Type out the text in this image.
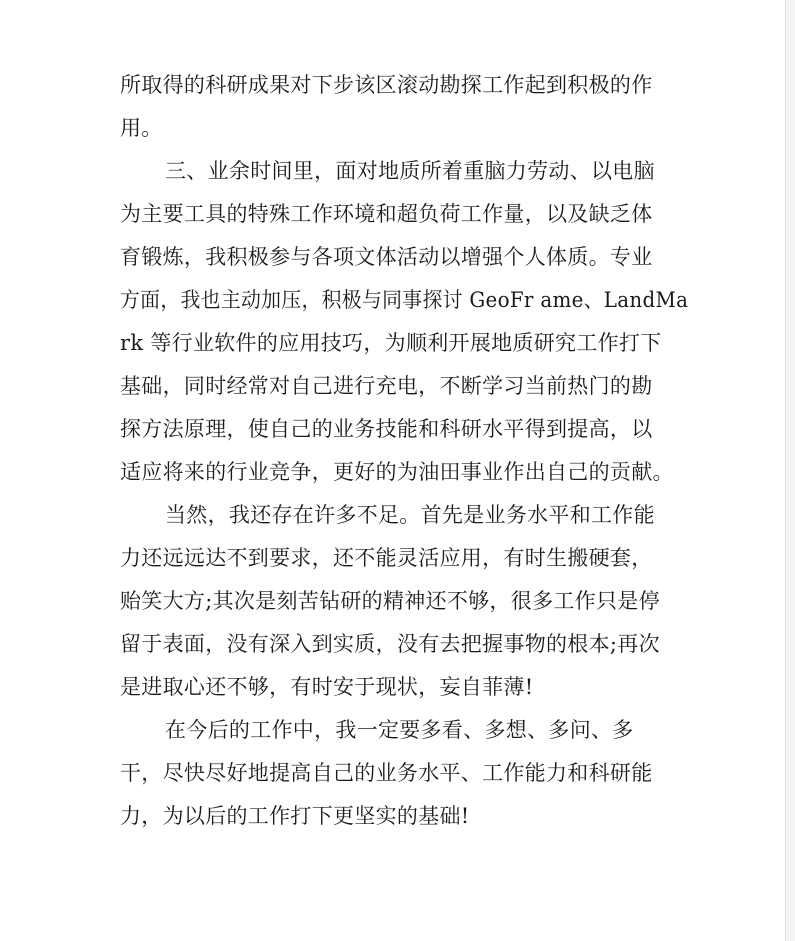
所取得的科研成果对下步该区滚动勘探工作起到积极的作
用。
三、业余时间里，面对地质所着重脑力劳动、以电脑
为主要工具的特殊工作环境和超负荷工作量，以及缺乏体
育锻炼，我积极参与各项文体活动以增强个人体质。专业
方面，我也主动加压，积极与同事探讨 GeoFr ame、LandMa
rk 等行业软件的应用技巧，为顺利开展地质研究工作打下
基础，同时经常对自己进行充电，不断学习当前热门的勘
探方法原理，使自己的业务技能和科研水平得到提高，以
适应将来的行业竞争，更好的为油田事业作出自己的贡献。
当然，我还存在许多不足。首先是业务水平和工作能
力还远远达不到要求，还不能灵活应用，有时生搬硬套，
贻笑大方;其次是刻苦钻研的精神还不够，很多工作只是停
留于表面，没有深入到实质，没有去把握事物的根本;再次
是进取心还不够，有时安于现状，妄自菲薄!
在今后的工作中，我一定要多看、多想、多问、多
干，尽快尽好地提高自己的业务水平、工作能力和科研能
力，为以后的工作打下更坚实的基础!
